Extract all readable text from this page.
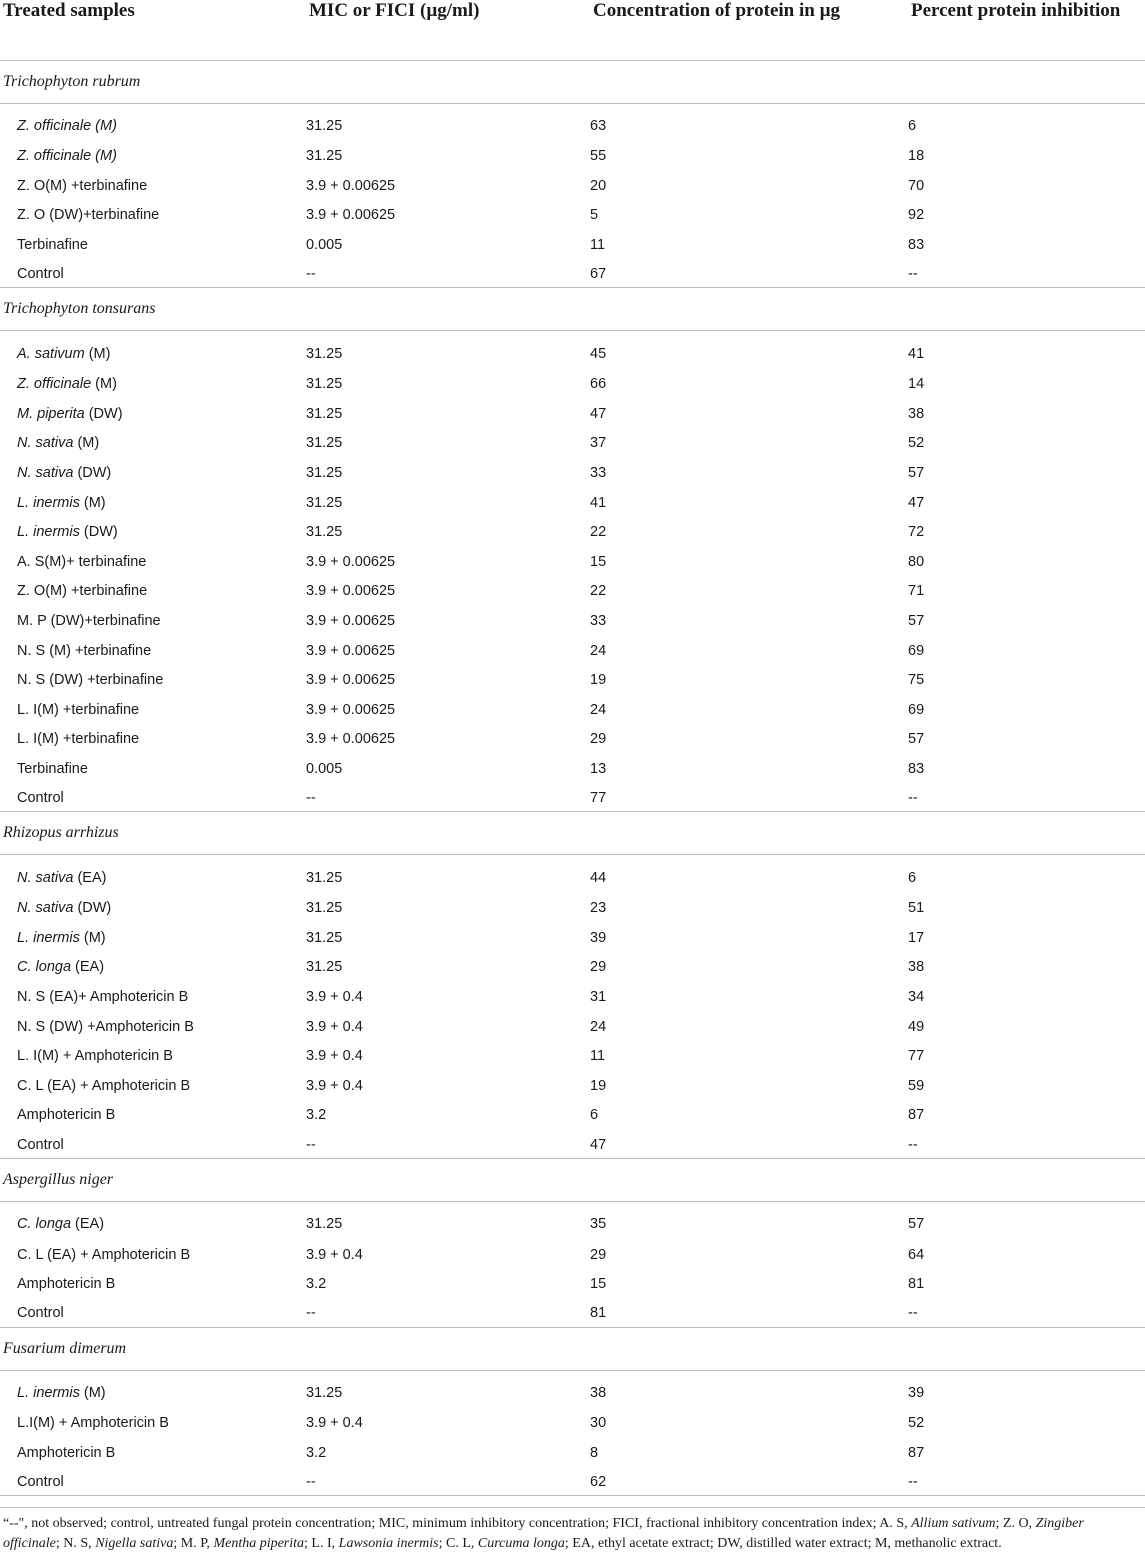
Treated samples	MIC or FICI (µg/ml)	Concentration of protein in µg	Percent protein inhibition
Trichophyton rubrum			
Z. officinale (M)	31.25	63	6
Z. officinale (M)	31.25	55	18
Z. O(M) +terbinafine	3.9 + 0.00625	20	70
Z. O (DW)+terbinafine	3.9 + 0.00625	5	92
Terbinafine	0.005	11	83
Control	--	67	--
Trichophyton tonsurans			
A. sativum (M)	31.25	45	41
Z. officinale (M)	31.25	66	14
M. piperita (DW)	31.25	47	38
N. sativa (M)	31.25	37	52
N. sativa (DW)	31.25	33	57
L. inermis (M)	31.25	41	47
L. inermis (DW)	31.25	22	72
A. S(M)+ terbinafine	3.9 + 0.00625	15	80
Z. O(M) +terbinafine	3.9 + 0.00625	22	71
M. P (DW)+terbinafine	3.9 + 0.00625	33	57
N. S (M) +terbinafine	3.9 + 0.00625	24	69
N. S (DW) +terbinafine	3.9 + 0.00625	19	75
L. I(M) +terbinafine	3.9 + 0.00625	24	69
L. I(M) +terbinafine	3.9 + 0.00625	29	57
Terbinafine	0.005	13	83
Control	--	77	--
Rhizopus arrhizus			
N. sativa (EA)	31.25	44	6
N. sativa (DW)	31.25	23	51
L. inermis (M)	31.25	39	17
C. longa (EA)	31.25	29	38
N. S (EA)+ Amphotericin B	3.9 + 0.4	31	34
N. S (DW) +Amphotericin B	3.9 + 0.4	24	49
L. I(M) + Amphotericin B	3.9 + 0.4	11	77
C. L (EA) + Amphotericin B	3.9 + 0.4	19	59
Amphotericin B	3.2	6	87
Control	--	47	--
Aspergillus niger			
C. longa (EA)	31.25	35	57
C. L (EA) + Amphotericin B	3.9 + 0.4	29	64
Amphotericin B	3.2	15	81
Control	--	81	--
Fusarium dimerum			
L. inermis (M)	31.25	38	39
L.I(M) + Amphotericin B	3.9 + 0.4	30	52
Amphotericin B	3.2	8	87
Control	--	62	--
“--", not observed; control, untreated fungal protein concentration; MIC, minimum inhibitory concentration; FICI, fractional inhibitory concentration index; A. S, Allium sativum; Z. O, Zingiber officinale; N. S, Nigella sativa; M. P, Mentha piperita; L. I, Lawsonia inermis; C. L, Curcuma longa; EA, ethyl acetate extract; DW, distilled water extract; M, methanolic extract.
